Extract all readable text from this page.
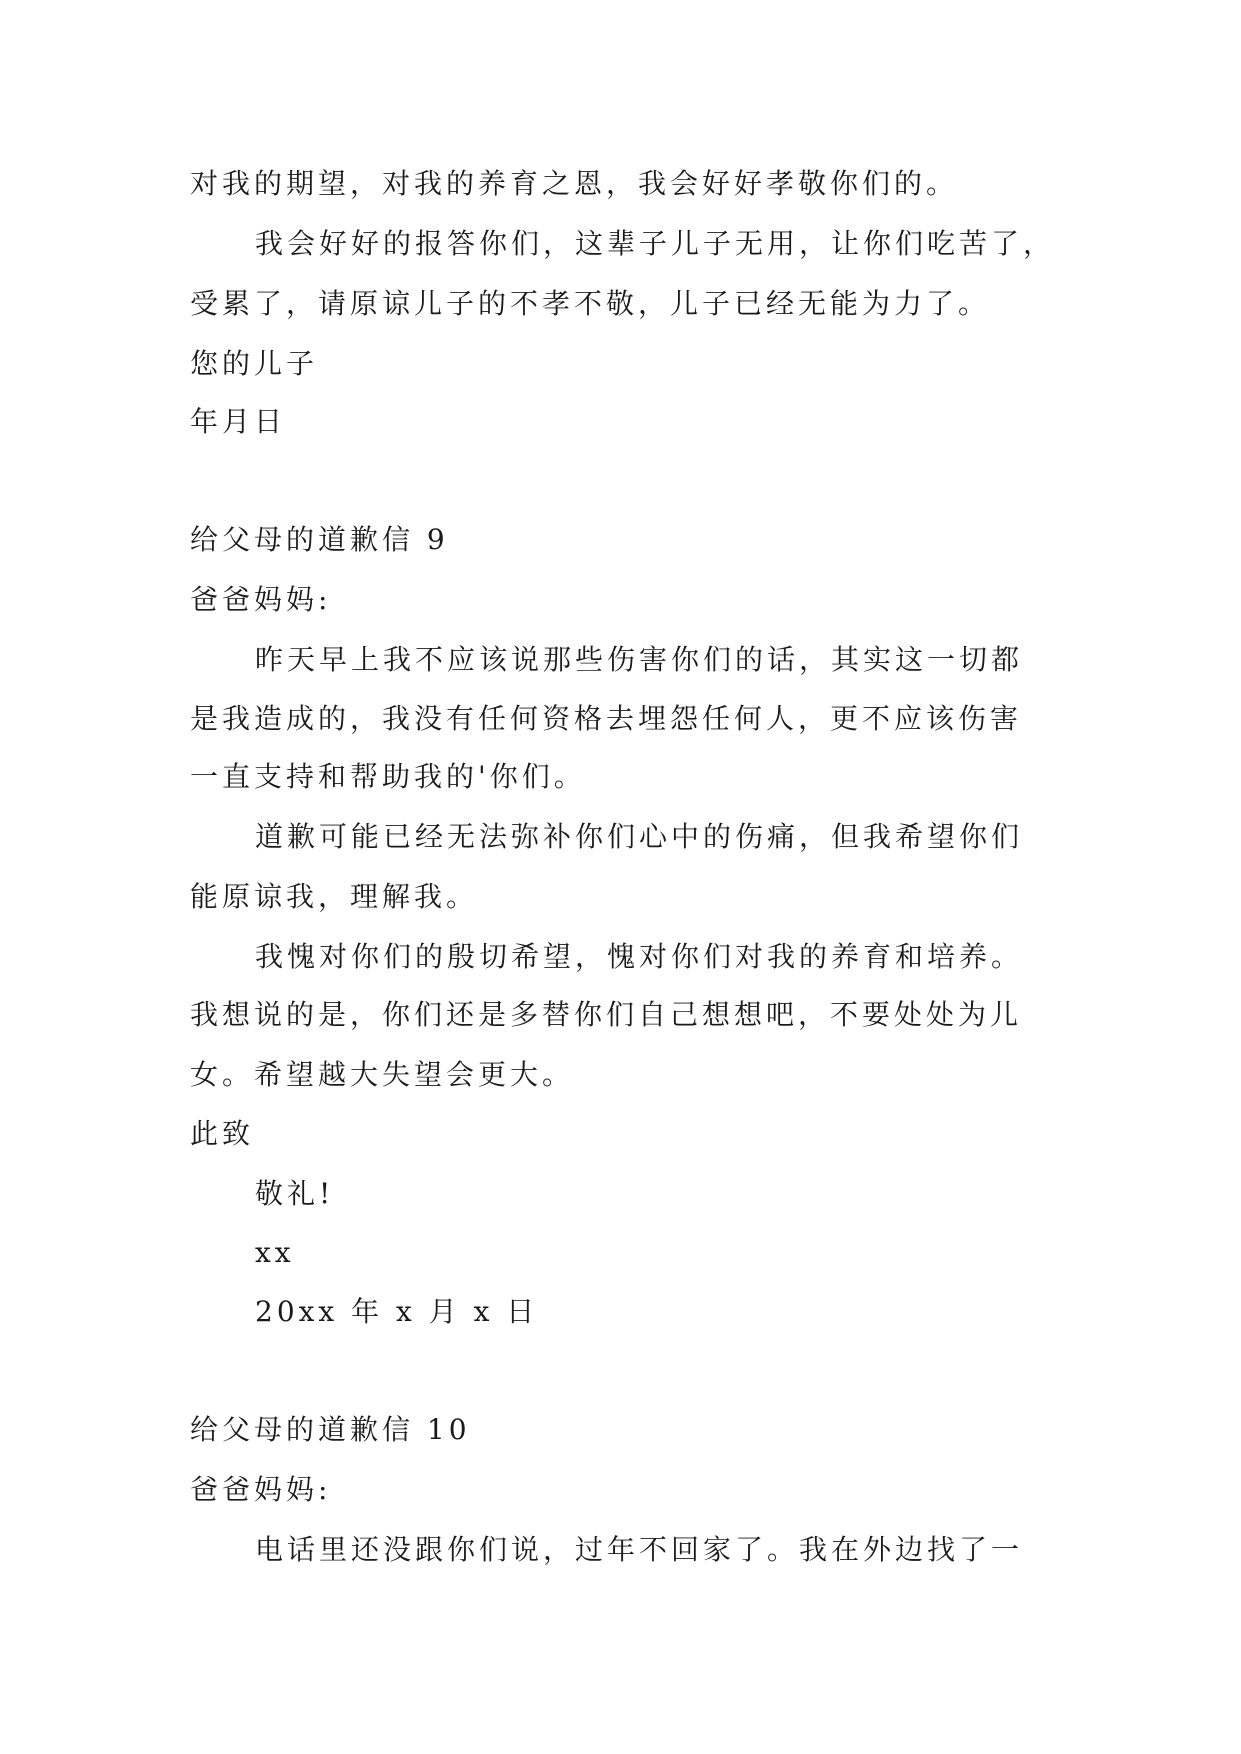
对我的期望，对我的养育之恩，我会好好孝敬你们的。
我会好好的报答你们，这辈子儿子无用，让你们吃苦了，
受累了，请原谅儿子的不孝不敬，儿子已经无能为力了。
您的儿子
年月日
给父母的道歉信 9
爸爸妈妈:
昨天早上我不应该说那些伤害你们的话，其实这一切都
是我造成的，我没有任何资格去埋怨任何人，更不应该伤害
一直支持和帮助我的'你们。
道歉可能已经无法弥补你们心中的伤痛，但我希望你们
能原谅我，理解我。
我愧对你们的殷切希望，愧对你们对我的养育和培养。
我想说的是，你们还是多替你们自己想想吧，不要处处为儿
女。希望越大失望会更大。
此致
敬礼!
xx
20xx 年 x 月 x 日
给父母的道歉信 10
爸爸妈妈:
电话里还没跟你们说，过年不回家了。我在外边找了一
